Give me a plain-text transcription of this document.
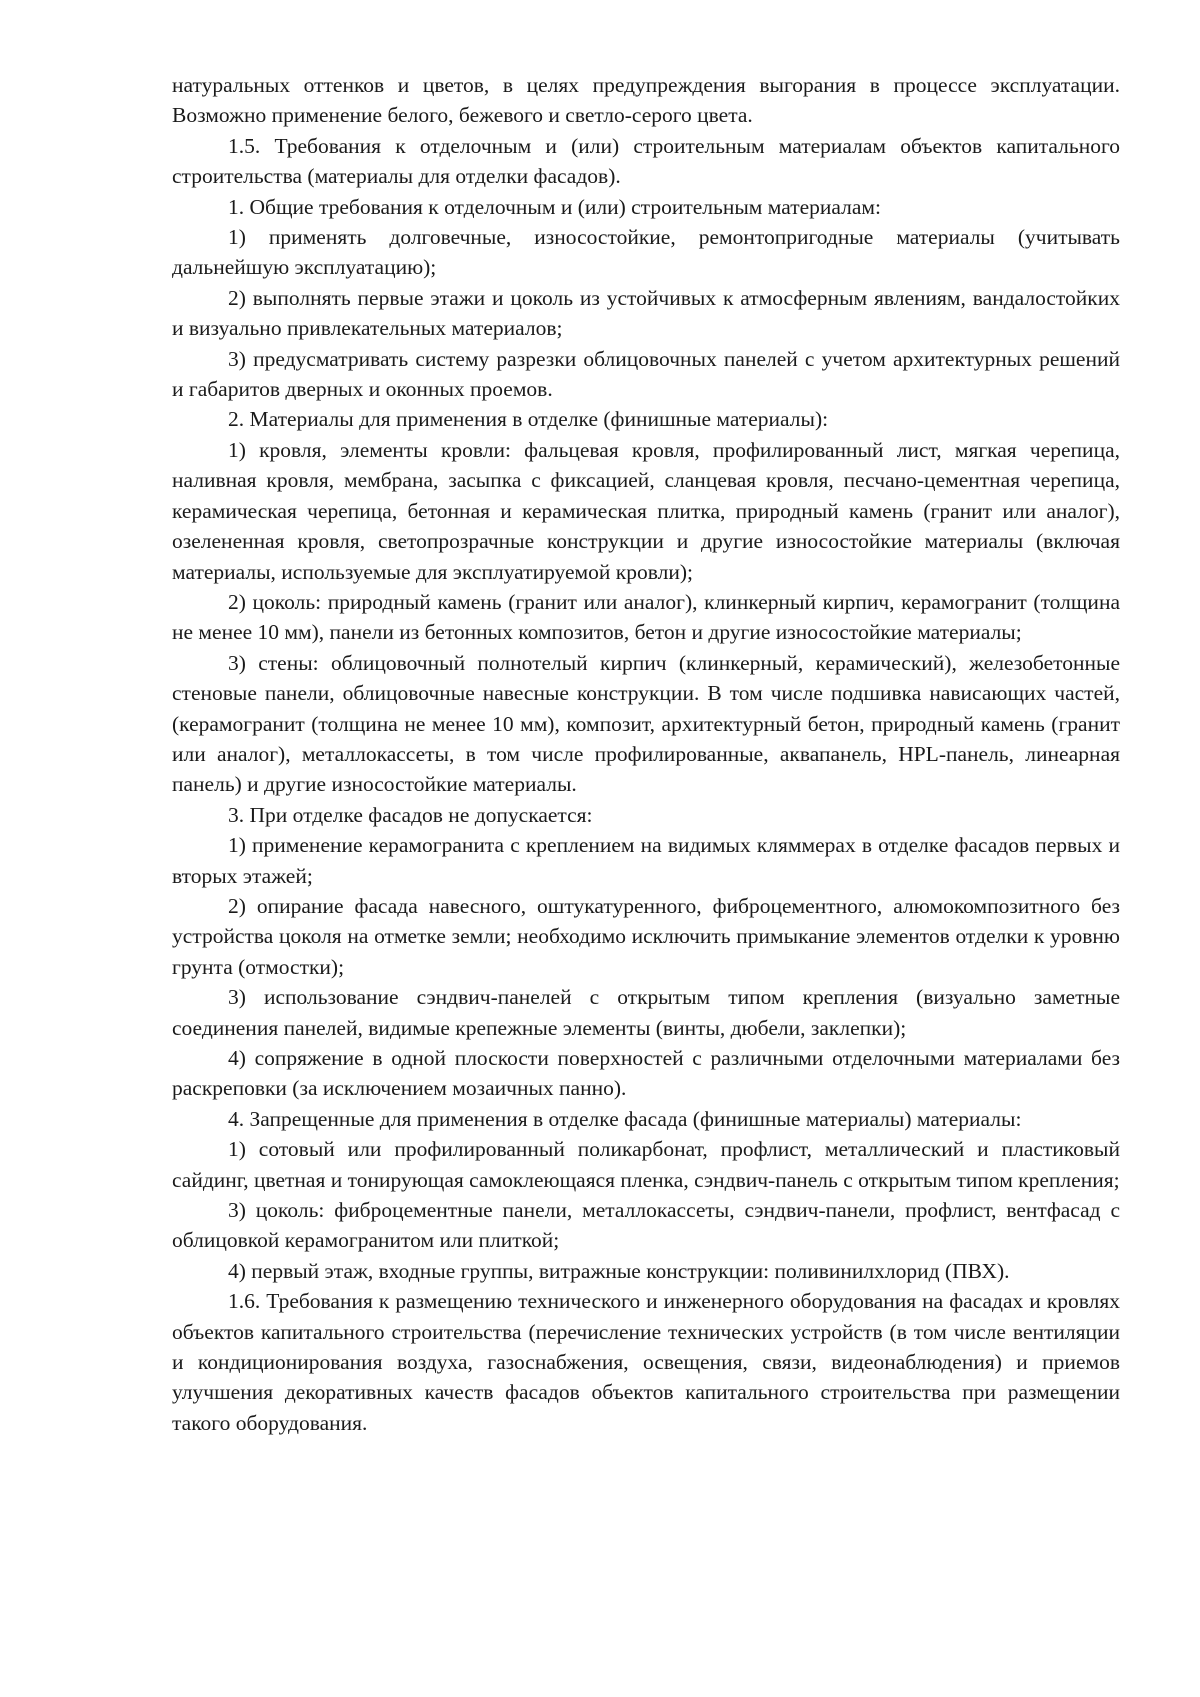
натуральных оттенков и цветов, в целях предупреждения выгорания в процессе эксплуатации. Возможно применение белого, бежевого и светло-серого цвета.

1.5. Требования к отделочным и (или) строительным материалам объектов капитального строительства (материалы для отделки фасадов).

1. Общие требования к отделочным и (или) строительным материалам:

1) применять долговечные, износостойкие, ремонтопригодные материалы (учитывать дальнейшую эксплуатацию);

2) выполнять первые этажи и цоколь из устойчивых к атмосферным явлениям, вандалостойких и визуально привлекательных материалов;

3) предусматривать систему разрезки облицовочных панелей с учетом архитектурных решений и габаритов дверных и оконных проемов.

2. Материалы для применения в отделке (финишные материалы):

1) кровля, элементы кровли: фальцевая кровля, профилированный лист, мягкая черепица, наливная кровля, мембрана, засыпка с фиксацией, сланцевая кровля, песчано-цементная черепица, керамическая черепица, бетонная и керамическая плитка, природный камень (гранит или аналог), озелененная кровля, светопрозрачные конструкции и другие износостойкие материалы (включая материалы, используемые для эксплуатируемой кровли);

2) цоколь: природный камень (гранит или аналог), клинкерный кирпич, керамогранит (толщина не менее 10 мм), панели из бетонных композитов, бетон и другие износостойкие материалы;

3) стены: облицовочный полнотелый кирпич (клинкерный, керамический), железобетонные стеновые панели, облицовочные навесные конструкции. В том числе подшивка нависающих частей, (керамогранит (толщина не менее 10 мм), композит, архитектурный бетон, природный камень (гранит или аналог), металлокассеты, в том числе профилированные, аквапанель, HPL-панель, линеарная панель) и другие износостойкие материалы.

3. При отделке фасадов не допускается:

1) применение керамогранита с креплением на видимых кляммерах в отделке фасадов первых и вторых этажей;

2) опирание фасада навесного, оштукатуренного, фиброцементного, алюмокомпозитного без устройства цоколя на отметке земли; необходимо исключить примыкание элементов отделки к уровню грунта (отмостки);

3) использование сэндвич-панелей с открытым типом крепления (визуально заметные соединения панелей, видимые крепежные элементы (винты, дюбели, заклепки);

4) сопряжение в одной плоскости поверхностей с различными отделочными материалами без раскреповки (за исключением мозаичных панно).

4. Запрещенные для применения в отделке фасада (финишные материалы) материалы:

1) сотовый или профилированный поликарбонат, профлист, металлический и пластиковый сайдинг, цветная и тонирующая самоклеющаяся пленка, сэндвич-панель с открытым типом крепления;

3) цоколь: фиброцементные панели, металлокассеты, сэндвич-панели, профлист, вентфасад с облицовкой керамогранитом или плиткой;

4) первый этаж, входные группы, витражные конструкции: поливинилхлорид (ПВХ).

1.6. Требования к размещению технического и инженерного оборудования на фасадах и кровлях объектов капитального строительства (перечисление технических устройств (в том числе вентиляции и кондиционирования воздуха, газоснабжения, освещения, связи, видеонаблюдения) и приемов улучшения декоративных качеств фасадов объектов капитального строительства при размещении такого оборудования.
